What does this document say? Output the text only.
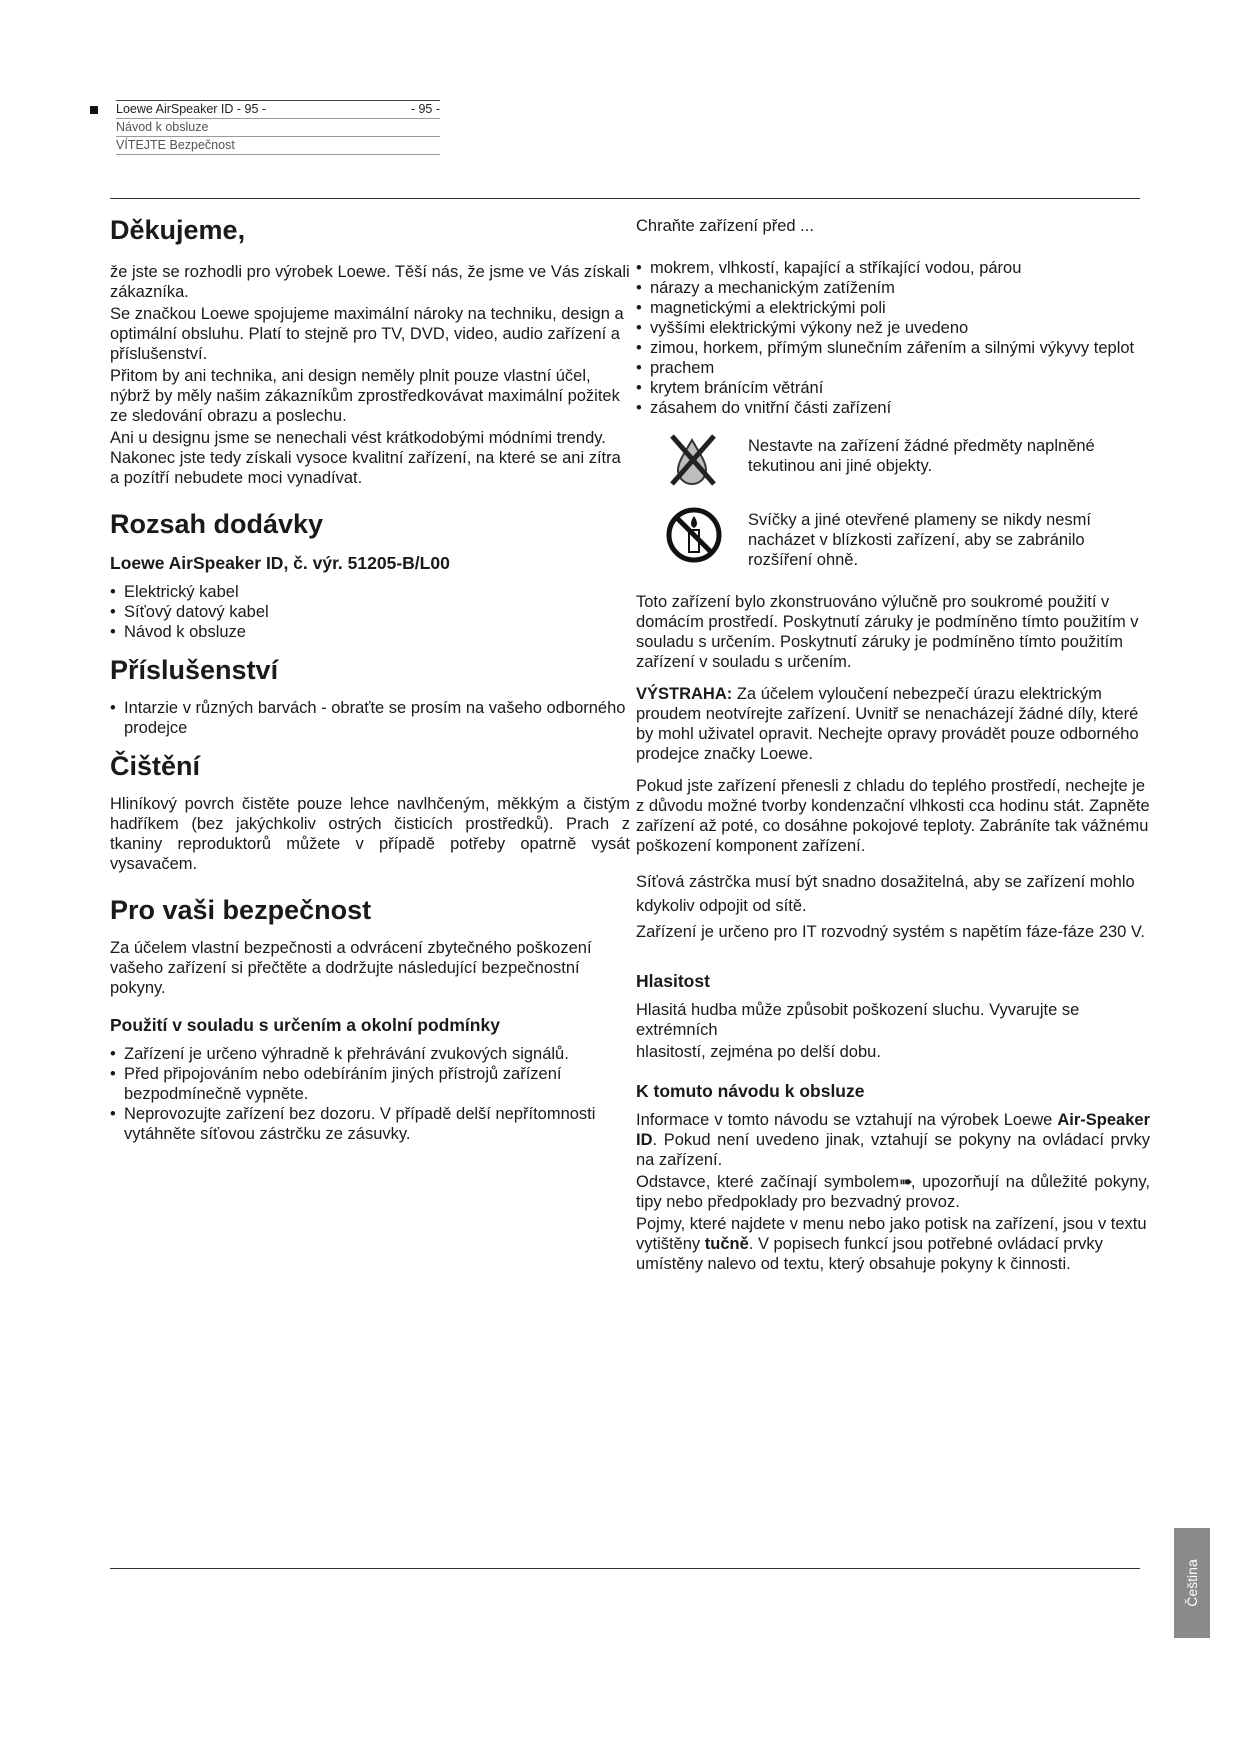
Loewe AirSpeaker ID - 95 -	- 95 -
Návod k obsluze
VÍTEJTE Bezpečnost
Děkujeme,

že jste se rozhodli pro výrobek Loewe. Těší nás, že jsme ve Vás získali zákazníka.

Se značkou Loewe spojujeme maximální nároky na techniku, design a optimální obsluhu. Platí to stejně pro TV, DVD, video, audio zařízení a příslušenství.

Přitom by ani technika, ani design neměly plnit pouze vlastní účel, nýbrž by měly našim zákazníkům zprostředkovávat maximální požitek ze sledování obrazu a poslechu.

Ani u designu jsme se nenechali vést krátkodobými módními trendy. Nakonec jste tedy získali vysoce kvalitní zařízení, na které se ani zítra a pozítří nebudete moci vynadívat.

Rozsah dodávky
Loewe AirSpeaker ID, č. výr. 51205-B/L00
• Elektrický kabel
• Síťový datový kabel
• Návod k obsluze
Příslušenství
• Intarzie v různých barvách - obraťte se prosím na vašeho odborného prodejce
Čištění

Hliníkový povrch čistěte pouze lehce navlhčeným, měkkým a čistým hadříkem (bez jakýchkoliv ostrých čisticích prostředků). Prach z tkaniny reproduktorů můžete v případě potřeby opatrně vysát vysavačem.

Pro vaši bezpečnost

Za účelem vlastní bezpečnosti a odvrácení zbytečného poškození vašeho zařízení si přečtěte a dodržujte následující bezpečnostní pokyny.

Použití v souladu s určením a okolní podmínky
• Zařízení je určeno výhradně k přehrávání zvukových signálů.
• Před připojováním nebo odebíráním jiných přístrojů zařízení bezpodmínečně vypněte.
• Neprovozujte zařízení bez dozoru. V případě delší nepřítomnosti vytáhněte síťovou zástrčku ze zásuvky.

Chraňte zařízení před ...

• mokrem, vlhkostí, kapající a stříkající vodou, párou
• nárazy a mechanickým zatížením
• magnetickými a elektrickými poli
• vyššími elektrickými výkony než je uvedeno
• zimou, horkem, přímým slunečním zářením a silnými výkyvy teplot
• prachem
• krytem bránícím větrání
• zásahem do vnitřní části zařízení
Nestavte na zařízení žádné předměty naplněné tekutinou ani jiné objekty.
Svíčky a jiné otevřené plameny se nikdy nesmí nacházet v blízkosti zařízení, aby se zabránilo rozšíření ohně.

Toto zařízení bylo zkonstruováno výlučně pro soukromé použití v domácím prostředí. Poskytnutí záruky je podmíněno tímto použitím v souladu s určením. Poskytnutí záruky je podmíněno tímto použitím zařízení v souladu s určením.

VÝSTRAHA: Za účelem vyloučení nebezpečí úrazu elektrickým proudem neotvírejte zařízení. Uvnitř se nenacházejí žádné díly, které by mohl uživatel opravit. Nechejte opravy provádět pouze odborného prodejce značky Loewe.

Pokud jste zařízení přenesli z chladu do teplého prostředí, nechejte je z důvodu možné tvorby kondenzační vlhkosti cca hodinu stát. Zapněte zařízení až poté, co dosáhne pokojové teploty. Zabráníte tak vážnému poškození komponent zařízení.

Síťová zástrčka musí být snadno dosažitelná, aby se zařízení mohlo kdykoliv odpojit od sítě.

Zařízení je určeno pro IT rozvodný systém s napětím fáze-fáze 230 V.

Hlasitost

Hlasitá hudba může způsobit poškození sluchu. Vyvarujte se extrémních

hlasitostí, zejména po delší dobu.

K tomuto návodu k obsluze

Informace v tomto návodu se vztahují na výrobek Loewe Air-Speaker ID. Pokud není uvedeno jinak, vztahují se pokyny na ovládací prvky na zařízení.

Odstavce, které začínají symbolem➠, upozorňují na důležité pokyny, tipy nebo předpoklady pro bezvadný provoz.

Pojmy, které najdete v menu nebo jako potisk na zařízení, jsou v textu vytištěny tučně. V popisech funkcí jsou potřebné ovládací prvky umístěny nalevo od textu, který obsahuje pokyny k činnosti.

Čeština
